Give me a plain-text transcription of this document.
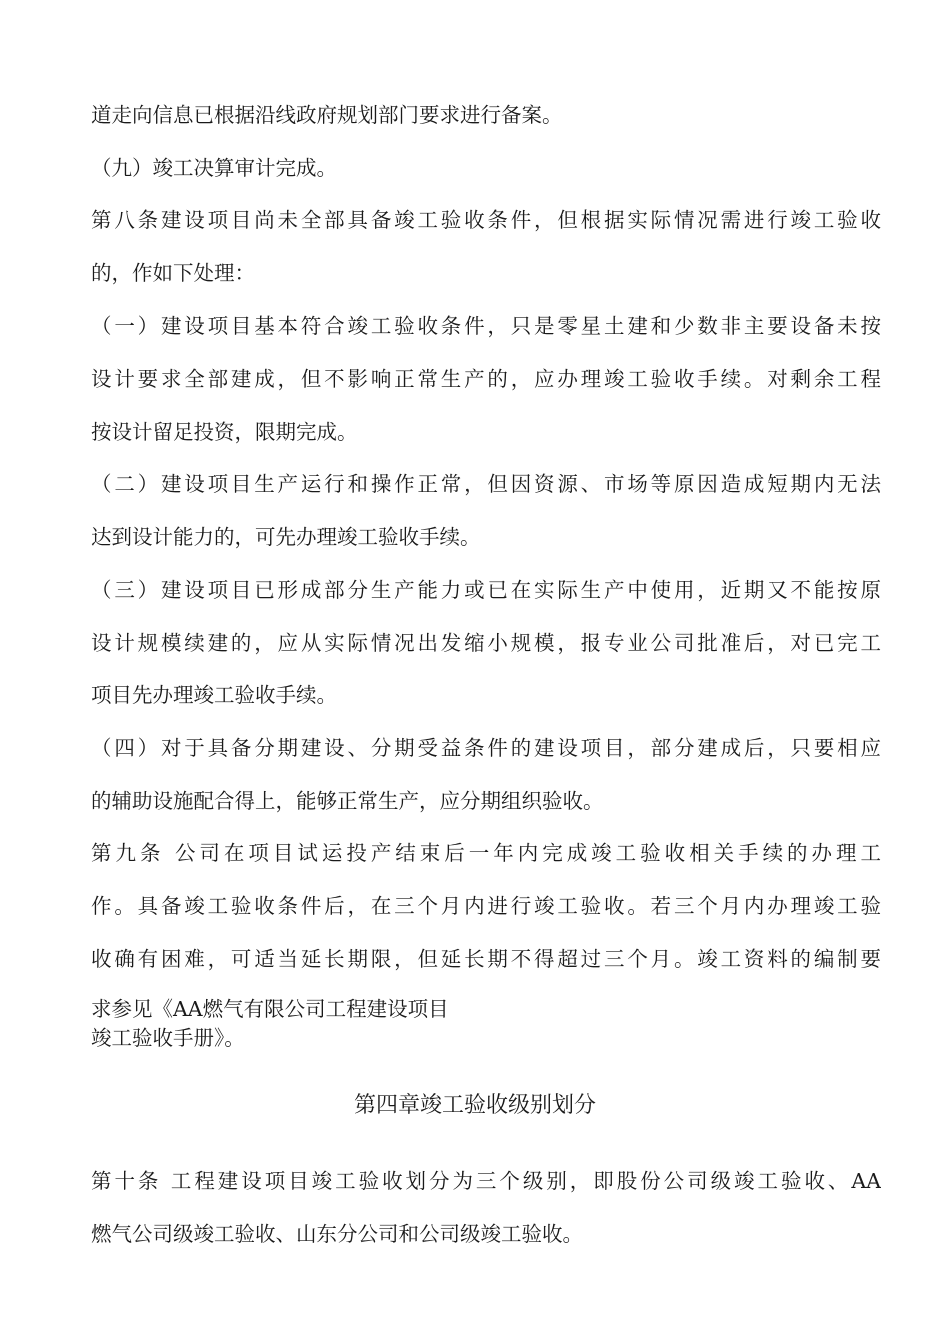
道走向信息已根据沿线政府规划部门要求进行备案。
（九）竣工决算审计完成。
第八条建设项目尚未全部具备竣工验收条件，但根据实际情况需进行竣工验收
的，作如下处理：
（一）建设项目基本符合竣工验收条件，只是零星土建和少数非主要设备未按
设计要求全部建成，但不影响正常生产的，应办理竣工验收手续。对剩余工程
按设计留足投资，限期完成。
（二）建设项目生产运行和操作正常，但因资源、市场等原因造成短期内无法
达到设计能力的，可先办理竣工验收手续。
（三）建设项目已形成部分生产能力或已在实际生产中使用，近期又不能按原
设计规模续建的，应从实际情况出发缩小规模，报专业公司批准后，对已完工
项目先办理竣工验收手续。
（四）对于具备分期建设、分期受益条件的建设项目，部分建成后，只要相应
的辅助设施配合得上，能够正常生产，应分期组织验收。
第九条 公司在项目试运投产结束后一年内完成竣工验收相关手续的办理工
作。具备竣工验收条件后，在三个月内进行竣工验收。若三个月内办理竣工验
收确有困难，可适当延长期限，但延长期不得超过三个月。竣工资料的编制要
求参见《AA燃气有限公司工程建设项目
竣工验收手册》。
第四章竣工验收级别划分
第十条 工程建设项目竣工验收划分为三个级别，即股份公司级竣工验收、AA
燃气公司级竣工验收、山东分公司和公司级竣工验收。
